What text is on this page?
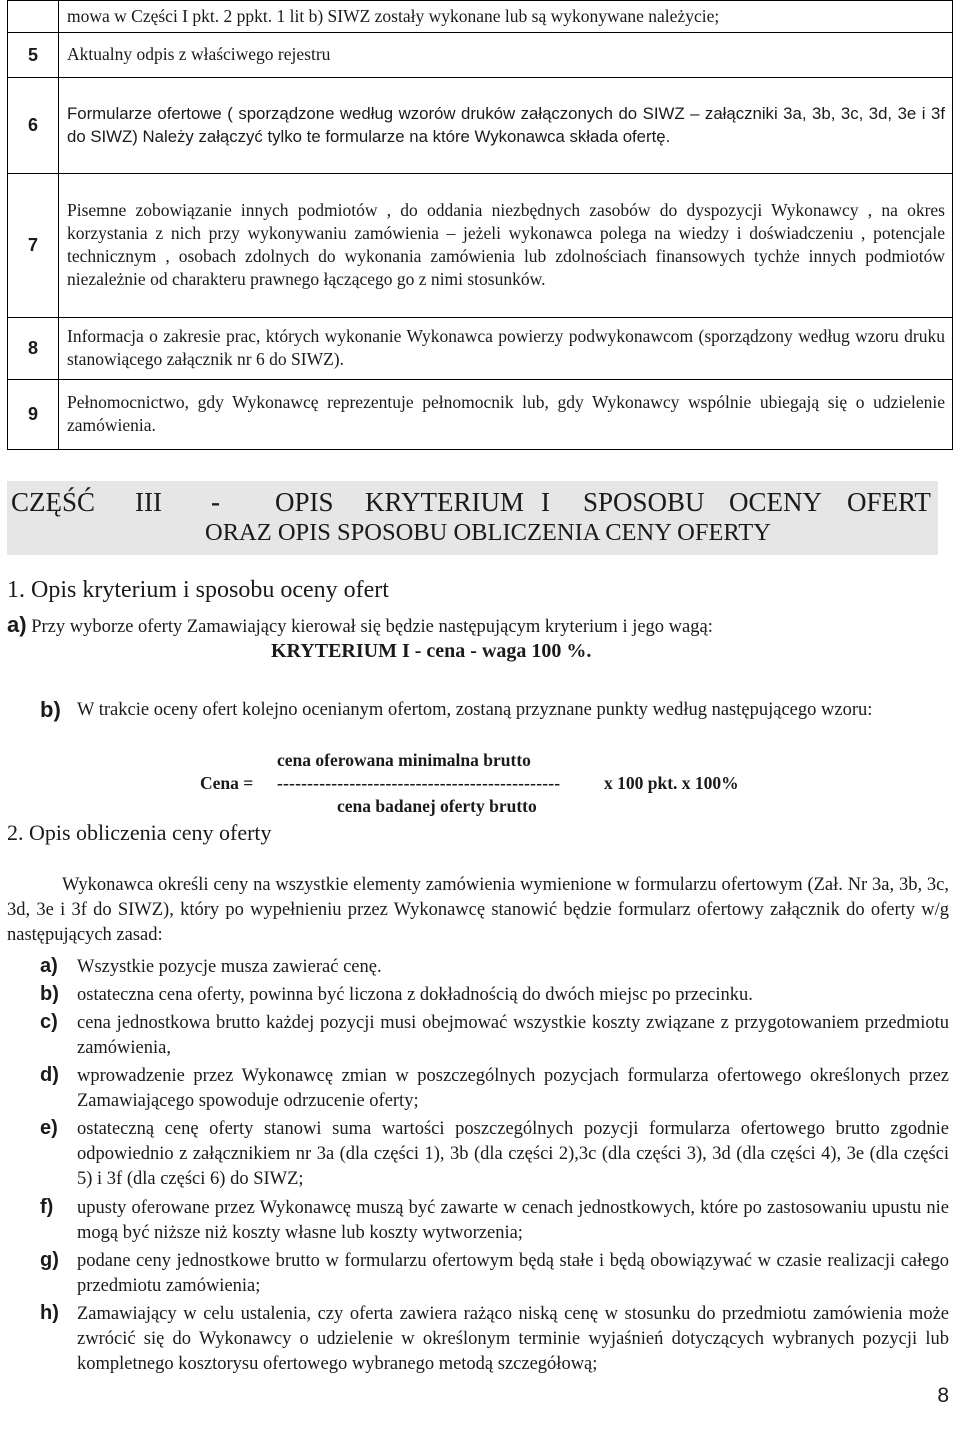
	mowa w Części I pkt. 2 ppkt. 1 lit b) SIWZ zostały wykonane lub są wykonywane należycie;
5	Aktualny odpis z właściwego rejestru
6	Formularze ofertowe ( sporządzone według wzorów druków załączonych do SIWZ – załączniki 3a, 3b, 3c, 3d, 3e i 3f do SIWZ) Należy załączyć tylko te formularze na które Wykonawca składa ofertę.
7	Pisemne zobowiązanie innych podmiotów , do oddania niezbędnych zasobów do dyspozycji Wykonawcy , na okres korzystania z nich przy wykonywaniu zamówienia – jeżeli wykonawca polega na wiedzy i doświadczeniu , potencjale technicznym , osobach zdolnych do wykonania zamówienia lub zdolnościach finansowych tychże innych podmiotów niezależnie od charakteru prawnego łączącego go z nimi stosunków.
8	Informacja o zakresie prac, których wykonanie Wykonawca powierzy podwykonawcom (sporządzony według wzoru druku stanowiącego załącznik nr 6 do SIWZ).
9	Pełnomocnictwo, gdy Wykonawcę reprezentuje pełnomocnik lub, gdy Wykonawcy wspólnie ubiegają się o udzielenie zamówienia.
CZĘŚĆ III - OPIS KRYTERIUM I SPOSOBU OCENY OFERT
ORAZ OPIS SPOSOBU OBLICZENIA CENY OFERTY
1. Opis kryterium i sposobu oceny ofert
a) Przy wyborze oferty Zamawiający kierował się będzie następującym kryterium i jego wagą:
KRYTERIUM I - cena - waga 100 %.
b) W trakcie oceny ofert kolejno ocenianym ofertom, zostaną przyznane punkty według następującego wzoru:
cena oferowana minimalna brutto
Cena = ----------------------------------------------- x 100 pkt. x 100%
cena badanej oferty brutto
2. Opis obliczenia ceny oferty
Wykonawca określi ceny na wszystkie elementy zamówienia wymienione w formularzu ofertowym (Zał. Nr 3a, 3b, 3c, 3d, 3e i 3f do SIWZ), który po wypełnieniu przez Wykonawcę stanowić będzie formularz ofertowy załącznik do oferty w/g następujących zasad:
a) Wszystkie pozycje musza zawierać cenę.
b) ostateczna cena oferty, powinna być liczona z dokładnością do dwóch miejsc po przecinku.
c) cena jednostkowa brutto każdej pozycji musi obejmować wszystkie koszty związane z przygotowaniem przedmiotu zamówienia,
d) wprowadzenie przez Wykonawcę zmian w poszczególnych pozycjach formularza ofertowego określonych przez Zamawiającego spowoduje odrzucenie oferty;
e) ostateczną cenę oferty stanowi suma wartości poszczególnych pozycji formularza ofertowego brutto zgodnie odpowiednio z załącznikiem nr 3a (dla części 1), 3b (dla części 2),3c (dla części 3), 3d (dla części 4), 3e (dla części 5) i 3f (dla części 6) do SIWZ;
f) upusty oferowane przez Wykonawcę muszą być zawarte w cenach jednostkowych, które po zastosowaniu upustu nie mogą być niższe niż koszty własne lub koszty wytworzenia;
g) podane ceny jednostkowe brutto w formularzu ofertowym będą stałe i będą obowiązywać w czasie realizacji całego przedmiotu zamówienia;
h) Zamawiający w celu ustalenia, czy oferta zawiera rażąco niską cenę w stosunku do przedmiotu zamówienia może zwrócić się do Wykonawcy o udzielenie w określonym terminie wyjaśnień dotyczących wybranych pozycji lub kompletnego kosztorysu ofertowego wybranego metodą szczegółową;
8
